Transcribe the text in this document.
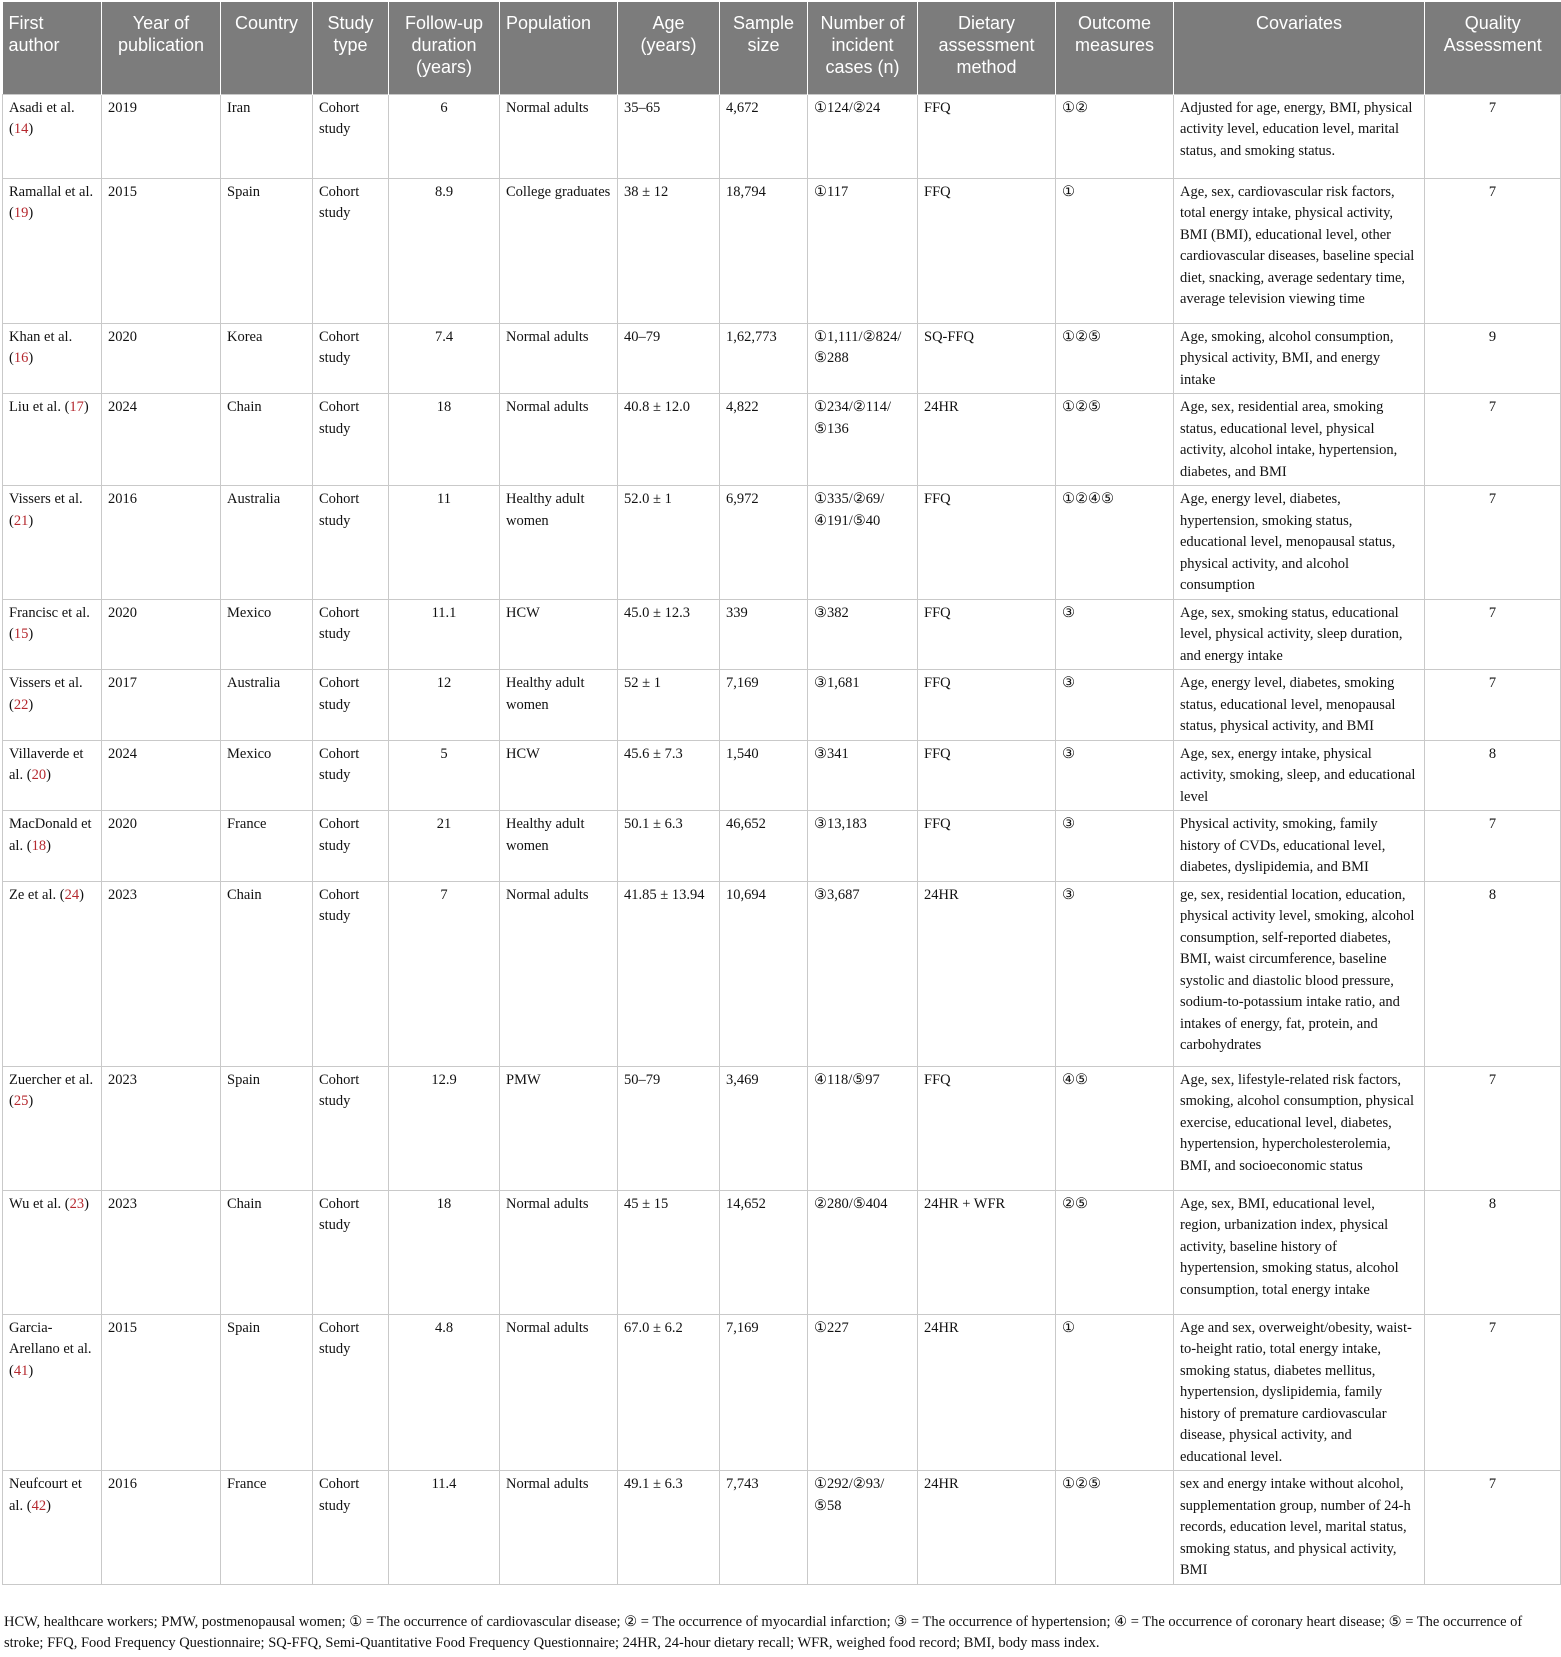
First author	Year of publication	Country	Study type	Follow-up duration (years)	Population	Age (years)	Sample size	Number of incident cases (n)	Dietary assessment method	Outcome measures	Covariates	Quality Assessment
Asadi et al. (14)	2019	Iran	Cohort study	6	Normal adults	35–65	4,672	①124/②24	FFQ	①②	Adjusted for age, energy, BMI, physical activity level, education level, marital status, and smoking status.	7
Ramallal et al. (19)	2015	Spain	Cohort study	8.9	College graduates	38 ± 12	18,794	①117	FFQ	①	Age, sex, cardiovascular risk factors, total energy intake, physical activity, BMI (BMI), educational level, other cardiovascular diseases, baseline special diet, snacking, average sedentary time, average television viewing time	7
Khan et al. (16)	2020	Korea	Cohort study	7.4	Normal adults	40–79	1,62,773	①1,111/②824/⑤288	SQ-FFQ	①②⑤	Age, smoking, alcohol consumption, physical activity, BMI, and energy intake	9
Liu et al. (17)	2024	Chain	Cohort study	18	Normal adults	40.8 ± 12.0	4,822	①234/②114/⑤136	24HR	①②⑤	Age, sex, residential area, smoking status, educational level, physical activity, alcohol intake, hypertension, diabetes, and BMI	7
Vissers et al. (21)	2016	Australia	Cohort study	11	Healthy adult women	52.0 ± 1	6,972	①335/②69/④191/⑤40	FFQ	①②④⑤	Age, energy level, diabetes, hypertension, smoking status, educational level, menopausal status, physical activity, and alcohol consumption	7
Francisc et al. (15)	2020	Mexico	Cohort study	11.1	HCW	45.0 ± 12.3	339	③382	FFQ	③	Age, sex, smoking status, educational level, physical activity, sleep duration, and energy intake	7
Vissers et al. (22)	2017	Australia	Cohort study	12	Healthy adult women	52 ± 1	7,169	③1,681	FFQ	③	Age, energy level, diabetes, smoking status, educational level, menopausal status, physical activity, and BMI	7
Villaverde et al. (20)	2024	Mexico	Cohort study	5	HCW	45.6 ± 7.3	1,540	③341	FFQ	③	Age, sex, energy intake, physical activity, smoking, sleep, and educational level	8
MacDonald et al. (18)	2020	France	Cohort study	21	Healthy adult women	50.1 ± 6.3	46,652	③13,183	FFQ	③	Physical activity, smoking, family history of CVDs, educational level, diabetes, dyslipidemia, and BMI	7
Ze et al. (24)	2023	Chain	Cohort study	7	Normal adults	41.85 ± 13.94	10,694	③3,687	24HR	③	ge, sex, residential location, education, physical activity level, smoking, alcohol consumption, self-reported diabetes, BMI, waist circumference, baseline systolic and diastolic blood pressure, sodium-to-potassium intake ratio, and intakes of energy, fat, protein, and carbohydrates	8
Zuercher et al. (25)	2023	Spain	Cohort study	12.9	PMW	50–79	3,469	④118/⑤97	FFQ	④⑤	Age, sex, lifestyle-related risk factors, smoking, alcohol consumption, physical exercise, educational level, diabetes, hypertension, hypercholesterolemia, BMI, and socioeconomic status	7
Wu et al. (23)	2023	Chain	Cohort study	18	Normal adults	45 ± 15	14,652	②280/⑤404	24HR + WFR	②⑤	Age, sex, BMI, educational level, region, urbanization index, physical activity, baseline history of hypertension, smoking status, alcohol consumption, total energy intake	8
Garcia-Arellano et al. (41)	2015	Spain	Cohort study	4.8	Normal adults	67.0 ± 6.2	7,169	①227	24HR	①	Age and sex, overweight/obesity, waist-to-height ratio, total energy intake, smoking status, diabetes mellitus, hypertension, dyslipidemia, family history of premature cardiovascular disease, physical activity, and educational level.	7
Neufcourt et al. (42)	2016	France	Cohort study	11.4	Normal adults	49.1 ± 6.3	7,743	①292/②93/⑤58	24HR	①②⑤	sex and energy intake without alcohol, supplementation group, number of 24-h records, education level, marital status, smoking status, and physical activity, BMI	7
HCW, healthcare workers; PMW, postmenopausal women; ① = The occurrence of cardiovascular disease; ② = The occurrence of myocardial infarction; ③ = The occurrence of hypertension; ④ = The occurrence of coronary heart disease; ⑤ = The occurrence of stroke; FFQ, Food Frequency Questionnaire; SQ-FFQ, Semi-Quantitative Food Frequency Questionnaire; 24HR, 24-hour dietary recall; WFR, weighed food record; BMI, body mass index.
